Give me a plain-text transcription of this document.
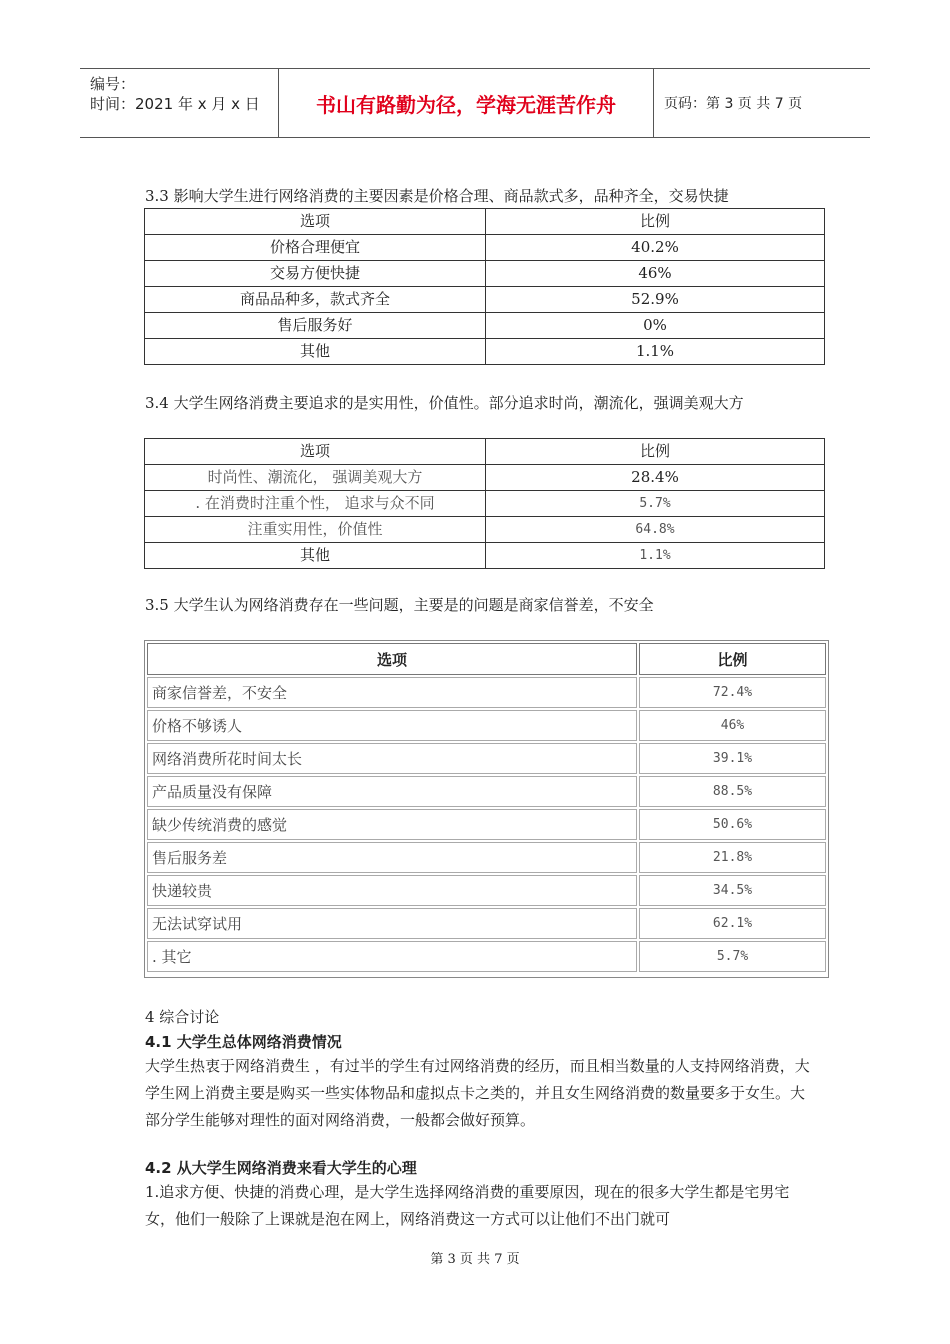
编号：
时间：2021 年 x 月 x 日	书山有路勤为径，学海无涯苦作舟	页码：第 3 页 共 7 页
3.3 影响大学生进行网络消费的主要因素是价格合理、商品款式多，品种齐全，交易快捷
选项	比例
价格合理便宜	40.2%
交易方便快捷	46%
商品品种多，款式齐全	52.9%
售后服务好	0%
其他	1.1%
3.4 大学生网络消费主要追求的是实用性，价值性。部分追求时尚，潮流化，强调美观大方
选项	比例
时尚性、潮流化， 强调美观大方	28.4%
. 在消费时注重个性， 追求与众不同	5.7%
注重实用性，价值性	64.8%
其他	1.1%
3.5 大学生认为网络消费存在一些问题，主要是的问题是商家信誉差，不安全
选项	比例
商家信誉差，不安全	72.4%
价格不够诱人	46%
网络消费所花时间太长	39.1%
产品质量没有保障	88.5%
缺少传统消费的感觉	50.6%
售后服务差	21.8%
快递较贵	34.5%
无法试穿试用	62.1%
. 其它	5.7%
4 综合讨论
4.1 大学生总体网络消费情况
大学生热衷于网络消费生 ，有过半的学生有过网络消费的经历，而且相当数量的人支持网络消费，大学生网上消费主要是购买一些实体物品和虚拟点卡之类的，并且女生网络消费的数量要多于女生。大部分学生能够对理性的面对网络消费，一般都会做好预算。
4.2 从大学生网络消费来看大学生的心理
1.追求方便、快捷的消费心理，是大学生选择网络消费的重要原因，现在的很多大学生都是宅男宅女，他们一般除了上课就是泡在网上，网络消费这一方式可以让他们不出门就可
第 3 页 共 7 页
